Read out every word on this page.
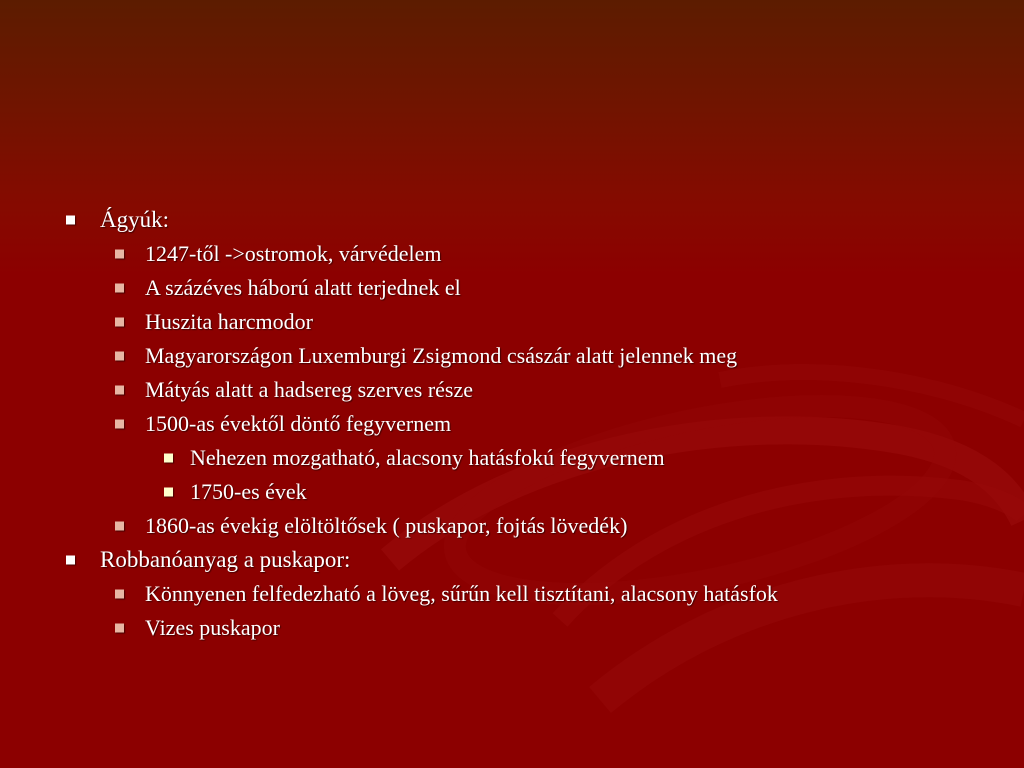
Ágyúk:
1247-től ->ostromok, várvédelem
A százéves háború alatt terjednek el
Huszita harcmodor
Magyarországon Luxemburgi Zsigmond császár alatt jelennek meg
Mátyás alatt a hadsereg szerves része
1500-as évektől döntő fegyvernem
Nehezen mozgatható, alacsony hatásfokú fegyvernem
1750-es évek
1860-as évekig elöltöltősek ( puskapor, fojtás lövedék)
Robbanóanyag a puskapor:
Könnyenen felfedezható a löveg, sűrűn kell tisztítani, alacsony hatásfok
Vizes puskapor
